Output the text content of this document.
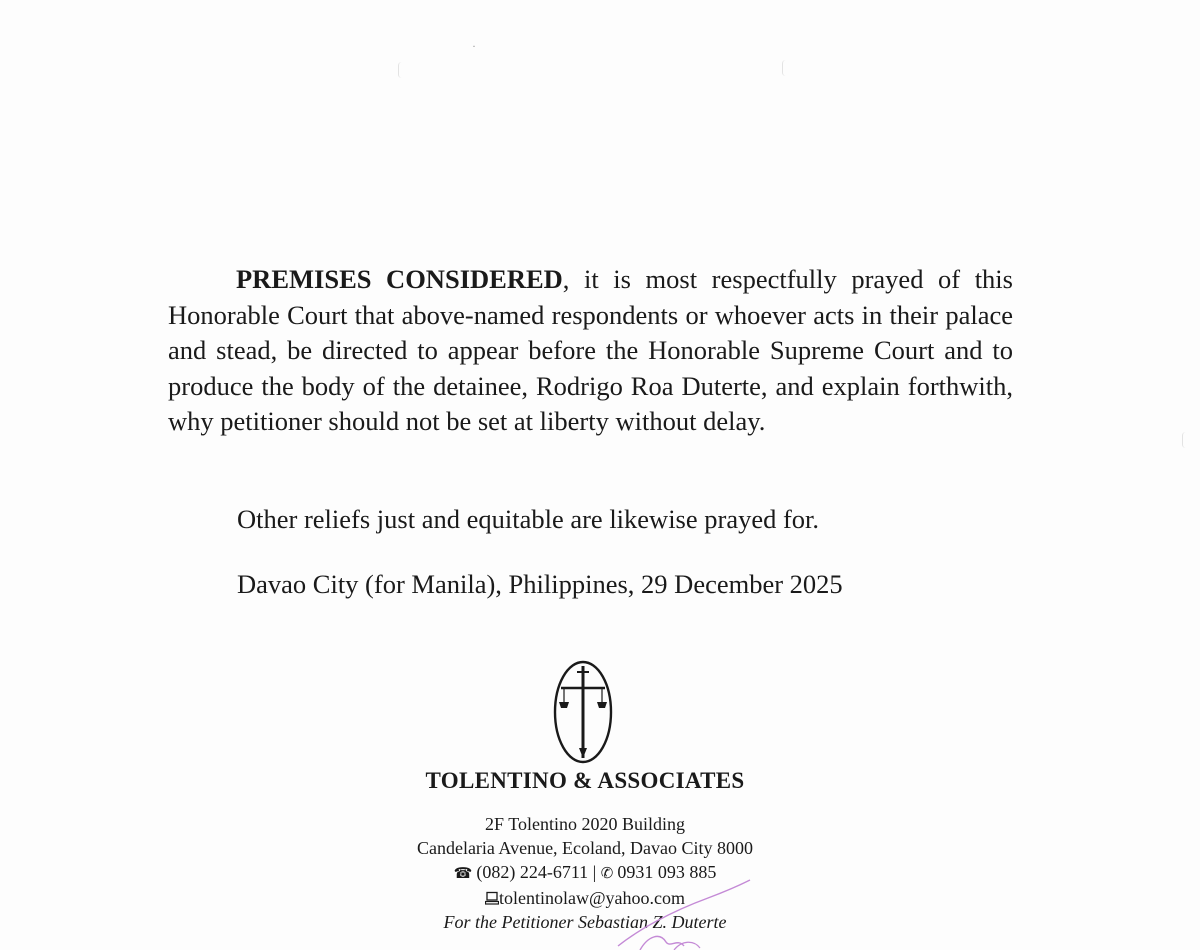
·

PREMISES CONSIDERED, it is most respectfully prayed of this Honorable Court that above-named respondents or whoever acts in their palace and stead, be directed to appear before the Honorable Supreme Court and to produce the body of the detainee, Rodrigo Roa Duterte, and explain forthwith, why petitioner should not be set at liberty without delay.

Other reliefs just and equitable are likewise prayed for.

Davao City (for Manila), Philippines, 29 December 2025

TOLENTINO & ASSOCIATES

2F Tolentino 2020 Building
Candelaria Avenue, Ecoland, Davao City 8000
☎ (082) 224-6711 | ✆ 0931 093 885
tolentinolaw@yahoo.com
For the Petitioner Sebastian Z. Duterte
